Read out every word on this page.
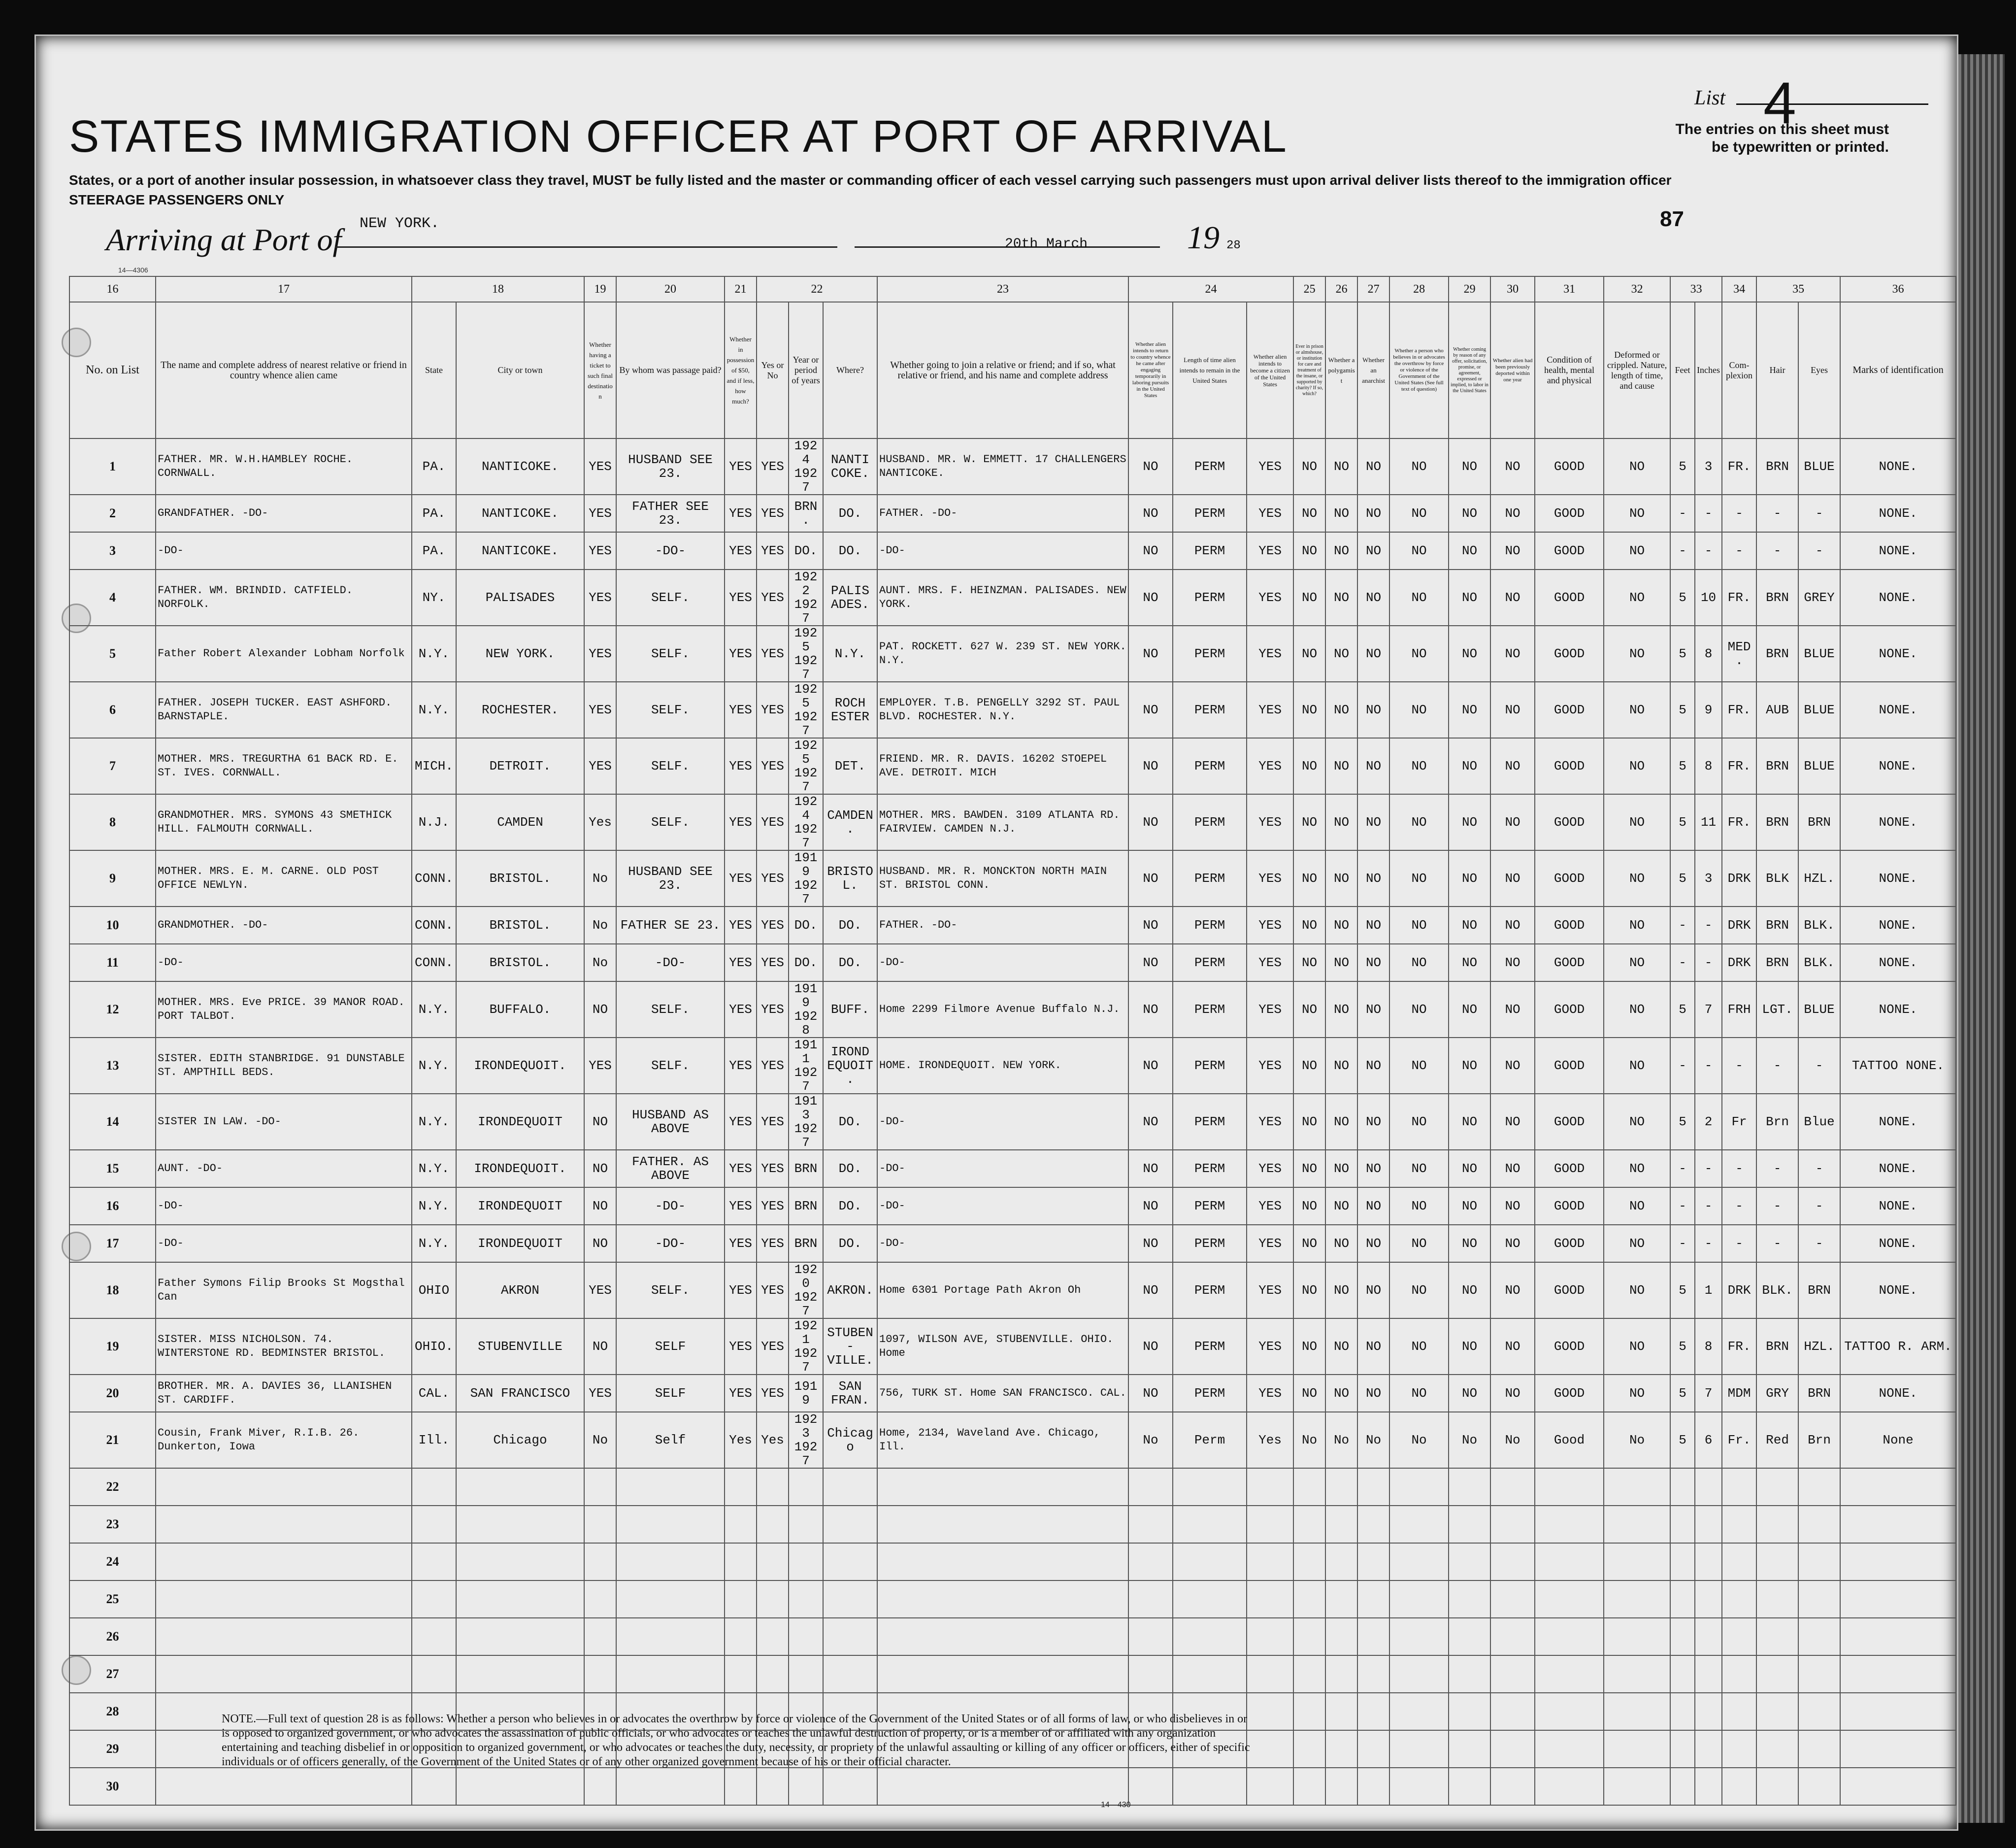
STATES IMMIGRATION OFFICER AT PORT OF ARRIVAL
States, or a port of another insular possession, in whatsoever class they travel, MUST be fully listed and the master or commanding officer of each vessel carrying such passengers must upon arrival deliver lists thereof to the immigration officer
STEERAGE PASSENGERS ONLY
List 4
The entries on this sheet must be typewritten or printed.
Arriving at Port of NEW YORK.
20th March	19 28
87
14—4306
16	17	18		19	20	21	22			23	24			25	26	27	28	29	30	31	32	33		34	35		36
No. on List	The name and complete address of nearest relative or friend in country whence alien came	State	City or town	Whether having a ticket to such final destination	By whom was passage paid?	Whether in possession of $50, and if less, how much?	Yes or No	Year or period of years	Where?	Whether going to join a relative or friend; and if so, what relative or friend, and his name and complete address	Whether alien intends to return to country whence he came after engaging temporarily in laboring pursuits in the United States	Length of time alien intends to remain in the United States	Whether alien intends to become a citizen of the United States	Ever in prison or almshouse, or institution for care and treatment of the insane, or supported by charity? If so, which?	Whether a polygamist	Whether an anarchist	Whether a person who believes in or advocates the overthrow by force or violence of the Government of the United States (See full text of question)	Whether coming by reason of any offer, solicitation, promise, or agreement, expressed or implied, to labor in the United States	Whether alien had been previously deported within one year	Condition of health, mental and physical	Deformed or crippled. Nature, length of time, and cause	Feet	Inches	Com-plexion	Hair	Eyes	Marks of identification
1	FATHER. MR. W.H.HAMBLEY ROCHE. CORNWALL.	PA.	NANTICOKE.	YES	HUSBAND SEE 23.	YES	YES	1924 1927	NANTI COKE.	HUSBAND. MR. W. EMMETT. 17 CHALLENGERS NANTICOKE.	NO	PERM	YES	NO	NO	NO	NO	NO	NO	GOOD	NO	5	3	FR.	BRN	BLUE	NONE.
2	GRANDFATHER. -DO-	PA.	NANTICOKE.	YES	FATHER SEE 23.	YES	YES	BRN.	DO.	FATHER. -DO-	NO	PERM	YES	NO	NO	NO	NO	NO	NO	GOOD	NO	-	-	-	-	-	NONE.
3	-DO-	PA.	NANTICOKE.	YES	-DO-	YES	YES	DO.	DO.	-DO-	NO	PERM	YES	NO	NO	NO	NO	NO	NO	GOOD	NO	-	-	-	-	-	NONE.
4	FATHER. WM. BRINDID. CATFIELD. NORFOLK.	NY.	PALISADES	YES	SELF.	YES	YES	1922 1927	PALIS ADES.	AUNT. MRS. F. HEINZMAN. PALISADES. NEW YORK.	NO	PERM	YES	NO	NO	NO	NO	NO	NO	GOOD	NO	5	10	FR.	BRN	GREY	NONE.
5	Father Robert Alexander Lobham Norfolk	N.Y.	NEW YORK.	YES	SELF.	YES	YES	1925 1927	N.Y.	PAT. ROCKETT. 627 W. 239 ST. NEW YORK. N.Y.	NO	PERM	YES	NO	NO	NO	NO	NO	NO	GOOD	NO	5	8	MED.	BRN	BLUE	NONE.
6	FATHER. JOSEPH TUCKER. EAST ASHFORD. BARNSTAPLE.	N.Y.	ROCHESTER.	YES	SELF.	YES	YES	1925 1927	ROCH ESTER	EMPLOYER. T.B. PENGELLY 3292 ST. PAUL BLVD. ROCHESTER. N.Y.	NO	PERM	YES	NO	NO	NO	NO	NO	NO	GOOD	NO	5	9	FR.	AUB	BLUE	NONE.
7	MOTHER. MRS. TREGURTHA 61 BACK RD. E. ST. IVES. CORNWALL.	MICH.	DETROIT.	YES	SELF.	YES	YES	1925 1927	DET.	FRIEND. MR. R. DAVIS. 16202 STOEPEL AVE. DETROIT. MICH	NO	PERM	YES	NO	NO	NO	NO	NO	NO	GOOD	NO	5	8	FR.	BRN	BLUE	NONE.
8	GRANDMOTHER. MRS. SYMONS 43 SMETHICK HILL. FALMOUTH CORNWALL.	N.J.	CAMDEN	Yes	SELF.	YES	YES	1924 1927	CAMDEN.	MOTHER. MRS. BAWDEN. 3109 ATLANTA RD. FAIRVIEW. CAMDEN N.J.	NO	PERM	YES	NO	NO	NO	NO	NO	NO	GOOD	NO	5	11	FR.	BRN	BRN	NONE.
9	MOTHER. MRS. E. M. CARNE. OLD POST OFFICE NEWLYN.	CONN.	BRISTOL.	No	HUSBAND SEE 23.	YES	YES	1919 1927	BRISTOL.	HUSBAND. MR. R. MONCKTON NORTH MAIN ST. BRISTOL CONN.	NO	PERM	YES	NO	NO	NO	NO	NO	NO	GOOD	NO	5	3	DRK	BLK	HZL.	NONE.
10	GRANDMOTHER. -DO-	CONN.	BRISTOL.	No	FATHER SE 23.	YES	YES	DO.	DO.	FATHER. -DO-	NO	PERM	YES	NO	NO	NO	NO	NO	NO	GOOD	NO	-	-	DRK	BRN	BLK.	NONE.
11	-DO-	CONN.	BRISTOL.	No	-DO-	YES	YES	DO.	DO.	-DO-	NO	PERM	YES	NO	NO	NO	NO	NO	NO	GOOD	NO	-	-	DRK	BRN	BLK.	NONE.
12	MOTHER. MRS. Eve PRICE. 39 MANOR ROAD. PORT TALBOT.	N.Y.	BUFFALO.	NO	SELF.	YES	YES	1919 1928	BUFF.	Home 2299 Filmore Avenue Buffalo N.J.	NO	PERM	YES	NO	NO	NO	NO	NO	NO	GOOD	NO	5	7	FRH	LGT.	BLUE	NONE.
13	SISTER. EDITH STANBRIDGE. 91 DUNSTABLE ST. AMPTHILL BEDS.	N.Y.	IRONDEQUOIT.	YES	SELF.	YES	YES	1911 1927	IROND EQUOIT.	HOME. IRONDEQUOIT. NEW YORK.	NO	PERM	YES	NO	NO	NO	NO	NO	NO	GOOD	NO	-	-	-	-	-	TATTOO NONE.
14	SISTER IN LAW. -DO-	N.Y.	IRONDEQUOIT	NO	HUSBAND AS ABOVE	YES	YES	1913 1927	DO.	-DO-	NO	PERM	YES	NO	NO	NO	NO	NO	NO	GOOD	NO	5	2	Fr	Brn	Blue	NONE.
15	AUNT. -DO-	N.Y.	IRONDEQUOIT.	NO	FATHER. AS ABOVE	YES	YES	BRN	DO.	-DO-	NO	PERM	YES	NO	NO	NO	NO	NO	NO	GOOD	NO	-	-	-	-	-	NONE.
16	-DO-	N.Y.	IRONDEQUOIT	NO	-DO-	YES	YES	BRN	DO.	-DO-	NO	PERM	YES	NO	NO	NO	NO	NO	NO	GOOD	NO	-	-	-	-	-	NONE.
17	-DO-	N.Y.	IRONDEQUOIT	NO	-DO-	YES	YES	BRN	DO.	-DO-	NO	PERM	YES	NO	NO	NO	NO	NO	NO	GOOD	NO	-	-	-	-	-	NONE.
18	Father Symons Filip Brooks St Mogsthal Can	OHIO	AKRON	YES	SELF.	YES	YES	1920 1927	AKRON.	Home 6301 Portage Path Akron Oh	NO	PERM	YES	NO	NO	NO	NO	NO	NO	GOOD	NO	5	1	DRK	BLK.	BRN	NONE.
19	SISTER. MISS NICHOLSON. 74. WINTERSTONE RD. BEDMINSTER BRISTOL.	OHIO.	STUBENVILLE	NO	SELF	YES	YES	1921 1927	STUBEN- VILLE.	1097, WILSON AVE, STUBENVILLE. OHIO. Home	NO	PERM	YES	NO	NO	NO	NO	NO	NO	GOOD	NO	5	8	FR.	BRN	HZL.	TATTOO R. ARM.
20	BROTHER. MR. A. DAVIES 36, LLANISHEN ST. CARDIFF.	CAL.	SAN FRANCISCO	YES	SELF	YES	YES	1919	SAN FRAN.	756, TURK ST. Home SAN FRANCISCO. CAL.	NO	PERM	YES	NO	NO	NO	NO	NO	NO	GOOD	NO	5	7	MDM	GRY	BRN	NONE.
21	Cousin, Frank Miver, R.I.B. 26. Dunkerton, Iowa	Ill.	Chicago	No	Self	Yes	Yes	1923 1927	Chicago	Home, 2134, Waveland Ave. Chicago, Ill.	No	Perm	Yes	No	No	No	No	No	No	Good	No	5	6	Fr.	Red	Brn	None
22																											
23																											
24																											
25																											
26																											
27																											
28																											
29																											
30																											
NOTE.—Full text of question 28 is as follows: Whether a person who believes in or advocates the overthrow by force or violence of the Government of the United States or of all forms of law, or who disbelieves in or is opposed to organized government, or who advocates the assassination of public officials, or who advocates or teaches the unlawful destruction of property, or is a member of or affiliated with any organization entertaining and teaching disbelief in or opposition to organized government, or who advocates or teaches the duty, necessity, or propriety of the unlawful assaulting or killing of any officer or officers, either of specific individuals or of officers generally, of the Government of the United States or of any other organized government because of his or their official character.
14—430
